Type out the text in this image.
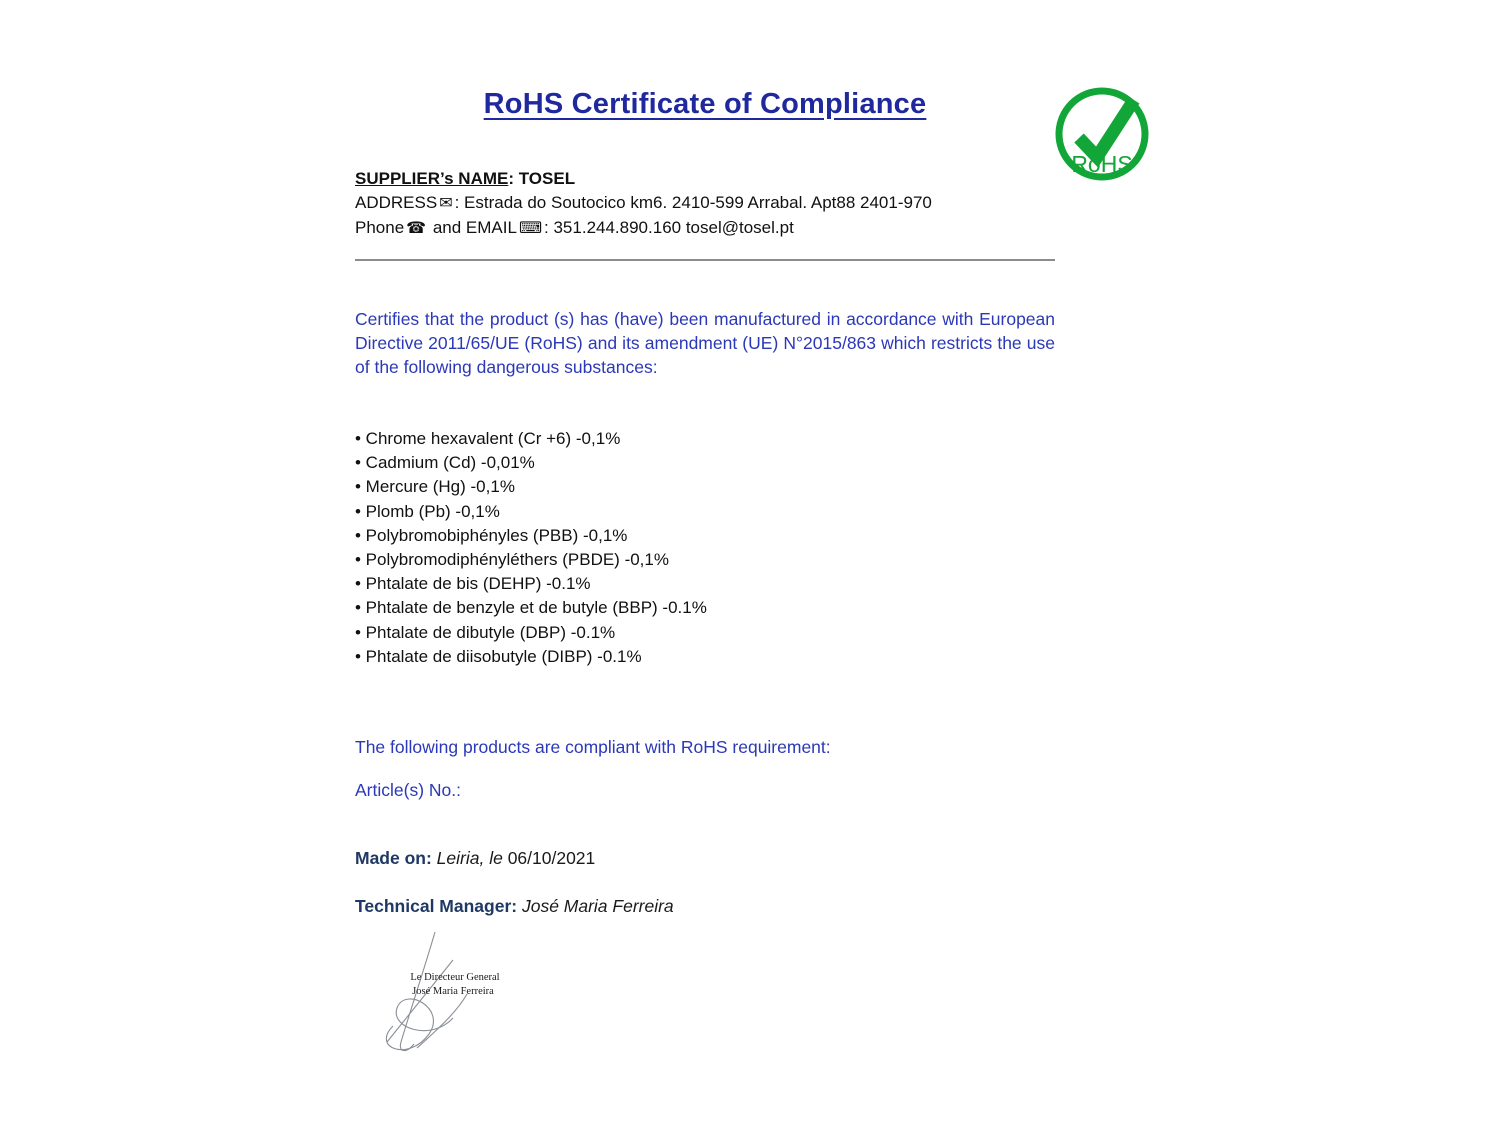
RoHS
RoHS Certificate of Compliance
SUPPLIER’s NAME: TOSEL
ADDRESS ✉ : Estrada do Soutocico km6. 2410-599 Arrabal. Apt88 2401-970
Phone ☎ and EMAIL ⌨ : 351.244.890.160 tosel@tosel.pt
Certifies that the product (s) has (have) been manufactured in accordance with European Directive 2011/65/UE (RoHS) and its amendment (UE) N°2015/863 which restricts the use of the following dangerous substances:
• Chrome hexavalent (Cr +6) -0,1%
• Cadmium (Cd) -0,01%
• Mercure (Hg) -0,1%
• Plomb (Pb) -0,1%
• Polybromobiphényles (PBB) -0,1%
• Polybromodiphényléthers (PBDE) -0,1%
• Phtalate de bis (DEHP) -0.1%
• Phtalate de benzyle et de butyle (BBP) -0.1%
• Phtalate de dibutyle (DBP) -0.1%
• Phtalate de diisobutyle (DIBP) -0.1%
The following products are compliant with RoHS requirement:
Article(s) No.:
Made on: Leiria, le 06/10/2021
Technical Manager: José Maria Ferreira
Le Directeur General
José Maria Ferreira
